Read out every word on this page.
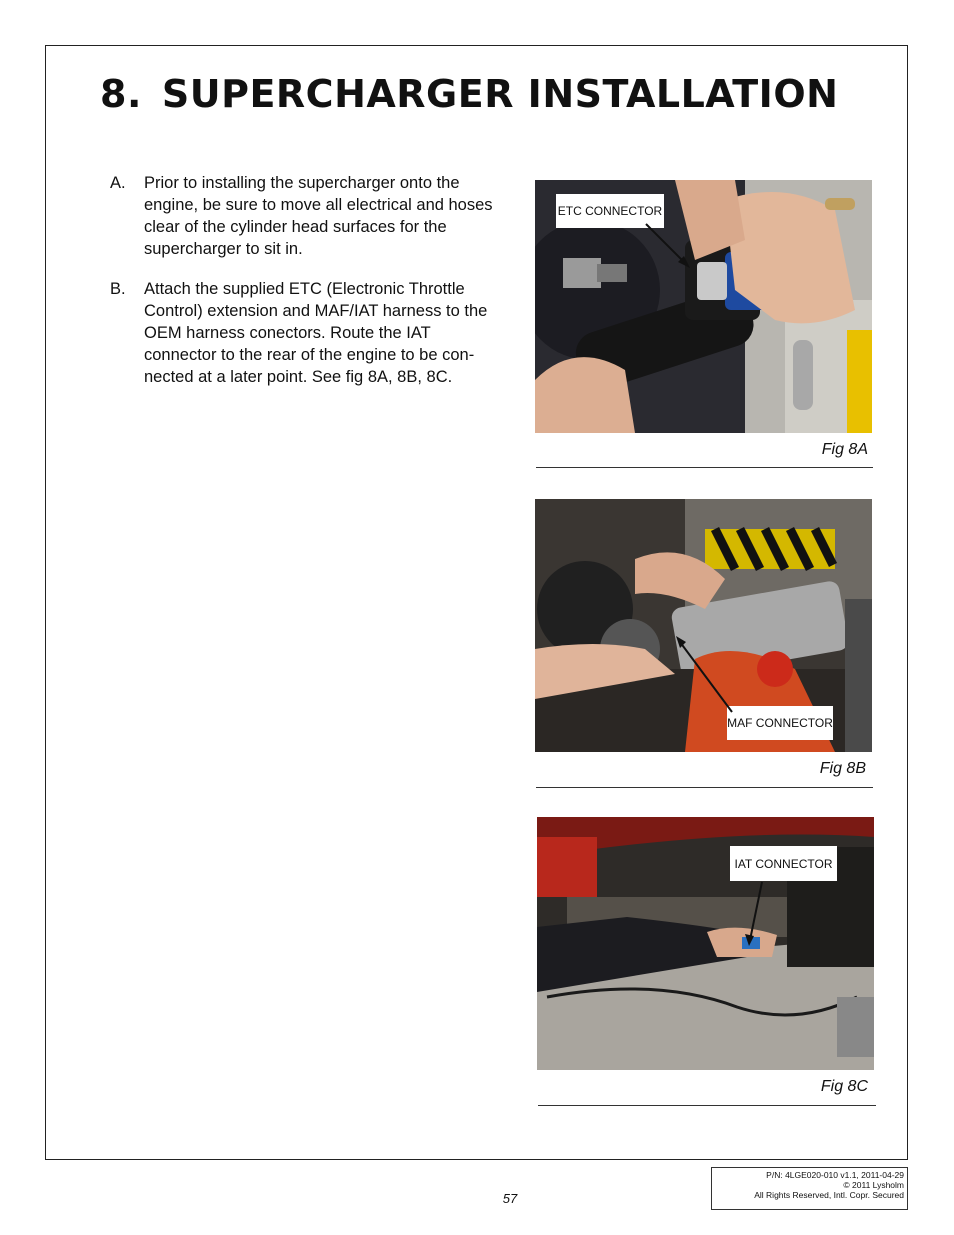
8. SUPERCHARGER INSTALLATION
A. Prior to installing the supercharger onto the engine, be sure to move all electrical and hoses clear of the cylinder head surfaces for the supercharger to sit in.
B. Attach the supplied ETC (Electronic Throttle Control) extension and MAF/IAT harness to the OEM harness conectors. Route the IAT connector to the rear of the engine to be con- nected at a later point. See fig 8A, 8B, 8C.
ETC CONNECTOR
Fig 8A
MAF CONNECTOR
Fig 8B
IAT CONNECTOR
Fig 8C
P/N: 4LGE020-010 v1.1, 2011-04-29
© 2011 Lysholm
All Rights Reserved, Intl. Copr. Secured
57
